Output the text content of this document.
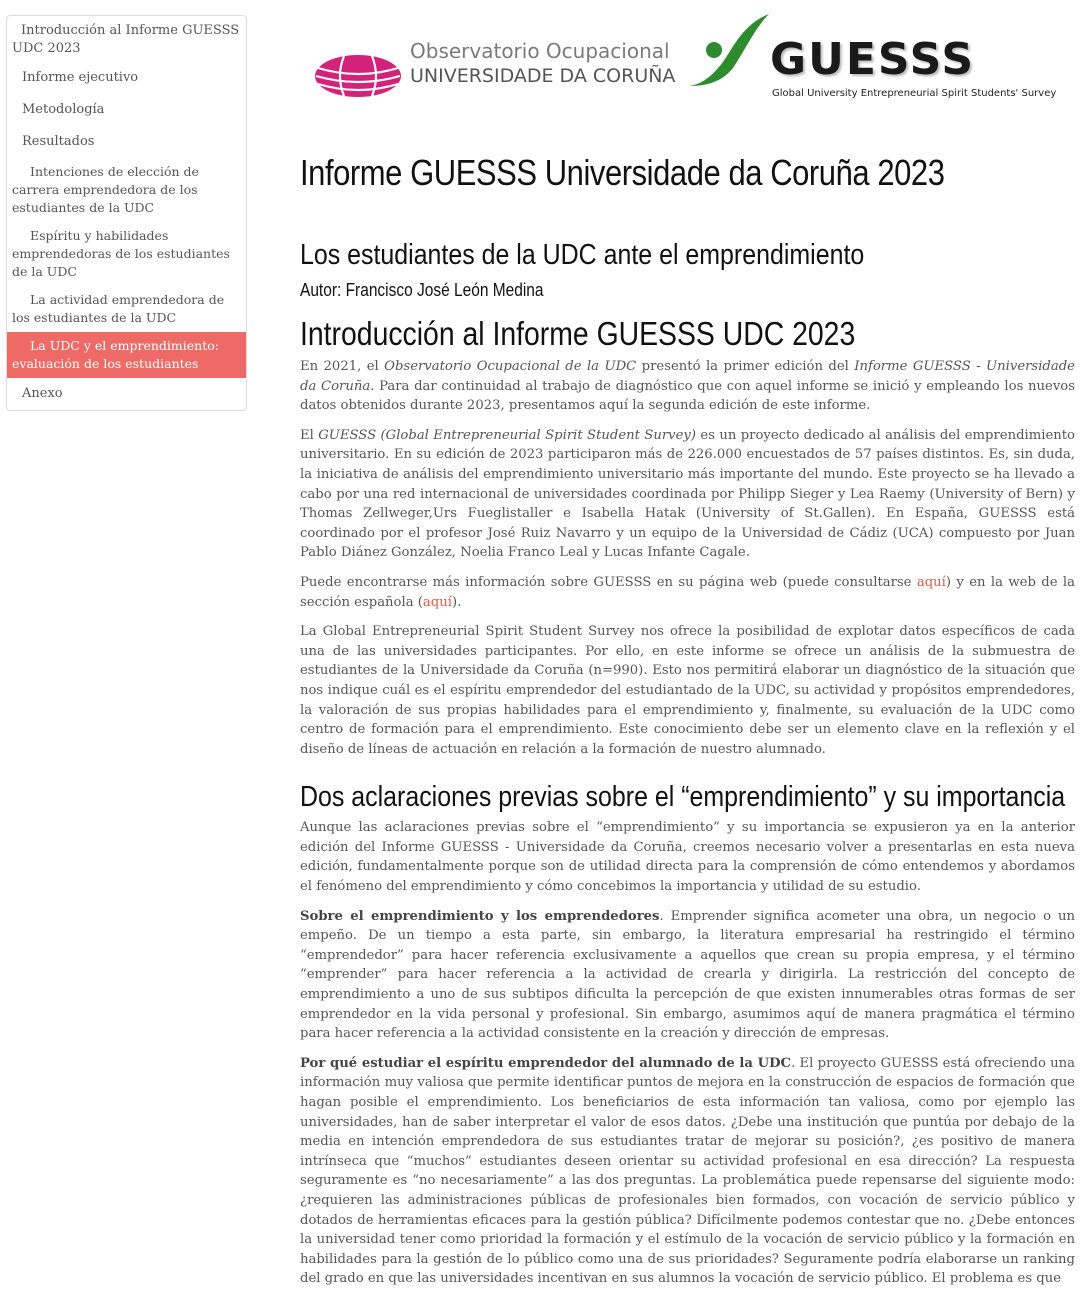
Introducción al Informe GUESSS UDC 2023
Informe ejecutivo
Metodología
Resultados
Intenciones de elección de carrera emprendedora de los estudiantes de la UDC
Espíritu y habilidades emprendedoras de los estudiantes de la UDC
La actividad emprendedora de los estudiantes de la UDC
La UDC y el emprendimiento: evaluación de los estudiantes
Anexo
Observatorio Ocupacional
UNIVERSIDADE DA CORUÑA GUESSS
Global University Entrepreneurial Spirit Students' Survey
Informe GUESSS Universidade da Coruña 2023
Los estudiantes de la UDC ante el emprendimiento
Autor: Francisco José León Medina
Introducción al Informe GUESSS UDC 2023

En 2021, el Observatorio Ocupacional de la UDC presentó la primer edición del Informe GUESSS - Universidade da Coruña. Para dar continuidad al trabajo de diagnóstico que con aquel informe se inició y empleando los nuevos datos obtenidos durante 2023, presentamos aquí la segunda edición de este informe.

El GUESSS (Global Entrepreneurial Spirit Student Survey) es un proyecto dedicado al análisis del emprendimiento universitario. En su edición de 2023 participaron más de 226.000 encuestados de 57 países distintos. Es, sin duda, la iniciativa de análisis del emprendimiento universitario más importante del mundo. Este proyecto se ha llevado a cabo por una red internacional de universidades coordinada por Philipp Sieger y Lea Raemy (University of Bern) y Thomas Zellweger,Urs Fueglistaller e Isabella Hatak (University of St.Gallen). En España, GUESSS está coordinado por el profesor José Ruiz Navarro y un equipo de la Universidad de Cádiz (UCA) compuesto por Juan Pablo Diánez González, Noelia Franco Leal y Lucas Infante Cagale.

Puede encontrarse más información sobre GUESSS en su página web (puede consultarse aquí) y en la web de la sección española (aquí).

La Global Entrepreneurial Spirit Student Survey nos ofrece la posibilidad de explotar datos específicos de cada una de las universidades participantes. Por ello, en este informe se ofrece un análisis de la submuestra de estudiantes de la Universidade da Coruña (n=990). Esto nos permitirá elaborar un diagnóstico de la situación que nos indique cuál es el espíritu emprendedor del estudiantado de la UDC, su actividad y propósitos emprendedores, la valoración de sus propias habilidades para el emprendimiento y, finalmente, su evaluación de la UDC como centro de formación para el emprendimiento. Este conocimiento debe ser un elemento clave en la reflexión y el diseño de líneas de actuación en relación a la formación de nuestro alumnado.

Dos aclaraciones previas sobre el “emprendimiento” y su importancia

Aunque las aclaraciones previas sobre el “emprendimiento” y su importancia se expusieron ya en la anterior edición del Informe GUESSS - Universidade da Coruña, creemos necesario volver a presentarlas en esta nueva edición, fundamentalmente porque son de utilidad directa para la comprensión de cómo entendemos y abordamos el fenómeno del emprendimiento y cómo concebimos la importancia y utilidad de su estudio.

Sobre el emprendimiento y los emprendedores. Emprender significa acometer una obra, un negocio o un empeño. De un tiempo a esta parte, sin embargo, la literatura empresarial ha restringido el término “emprendedor” para hacer referencia exclusivamente a aquellos que crean su propia empresa, y el término “emprender” para hacer referencia a la actividad de crearla y dirigirla. La restricción del concepto de emprendimiento a uno de sus subtipos dificulta la percepción de que existen innumerables otras formas de ser emprendedor en la vida personal y profesional. Sin embargo, asumimos aquí de manera pragmática el término para hacer referencia a la actividad consistente en la creación y dirección de empresas.

Por qué estudiar el espíritu emprendedor del alumnado de la UDC. El proyecto GUESSS está ofreciendo una información muy valiosa que permite identificar puntos de mejora en la construcción de espacios de formación que hagan posible el emprendimiento. Los beneficiarios de esta información tan valiosa, como por ejemplo las universidades, han de saber interpretar el valor de esos datos. ¿Debe una institución que puntúa por debajo de la media en intención emprendedora de sus estudiantes tratar de mejorar su posición?, ¿es positivo de manera intrínseca que “muchos” estudiantes deseen orientar su actividad profesional en esa dirección? La respuesta seguramente es “no necesariamente” a las dos preguntas. La problemática puede repensarse del siguiente modo: ¿requieren las administraciones públicas de profesionales bien formados, con vocación de servicio público y dotados de herramientas eficaces para la gestión pública? Difícilmente podemos contestar que no. ¿Debe entonces la universidad tener como prioridad la formación y el estímulo de la vocación de servicio público y la formación en habilidades para la gestión de lo público como una de sus prioridades? Seguramente podría elaborarse un ranking del grado en que las universidades incentivan en sus alumnos la vocación de servicio público. El problema es que
